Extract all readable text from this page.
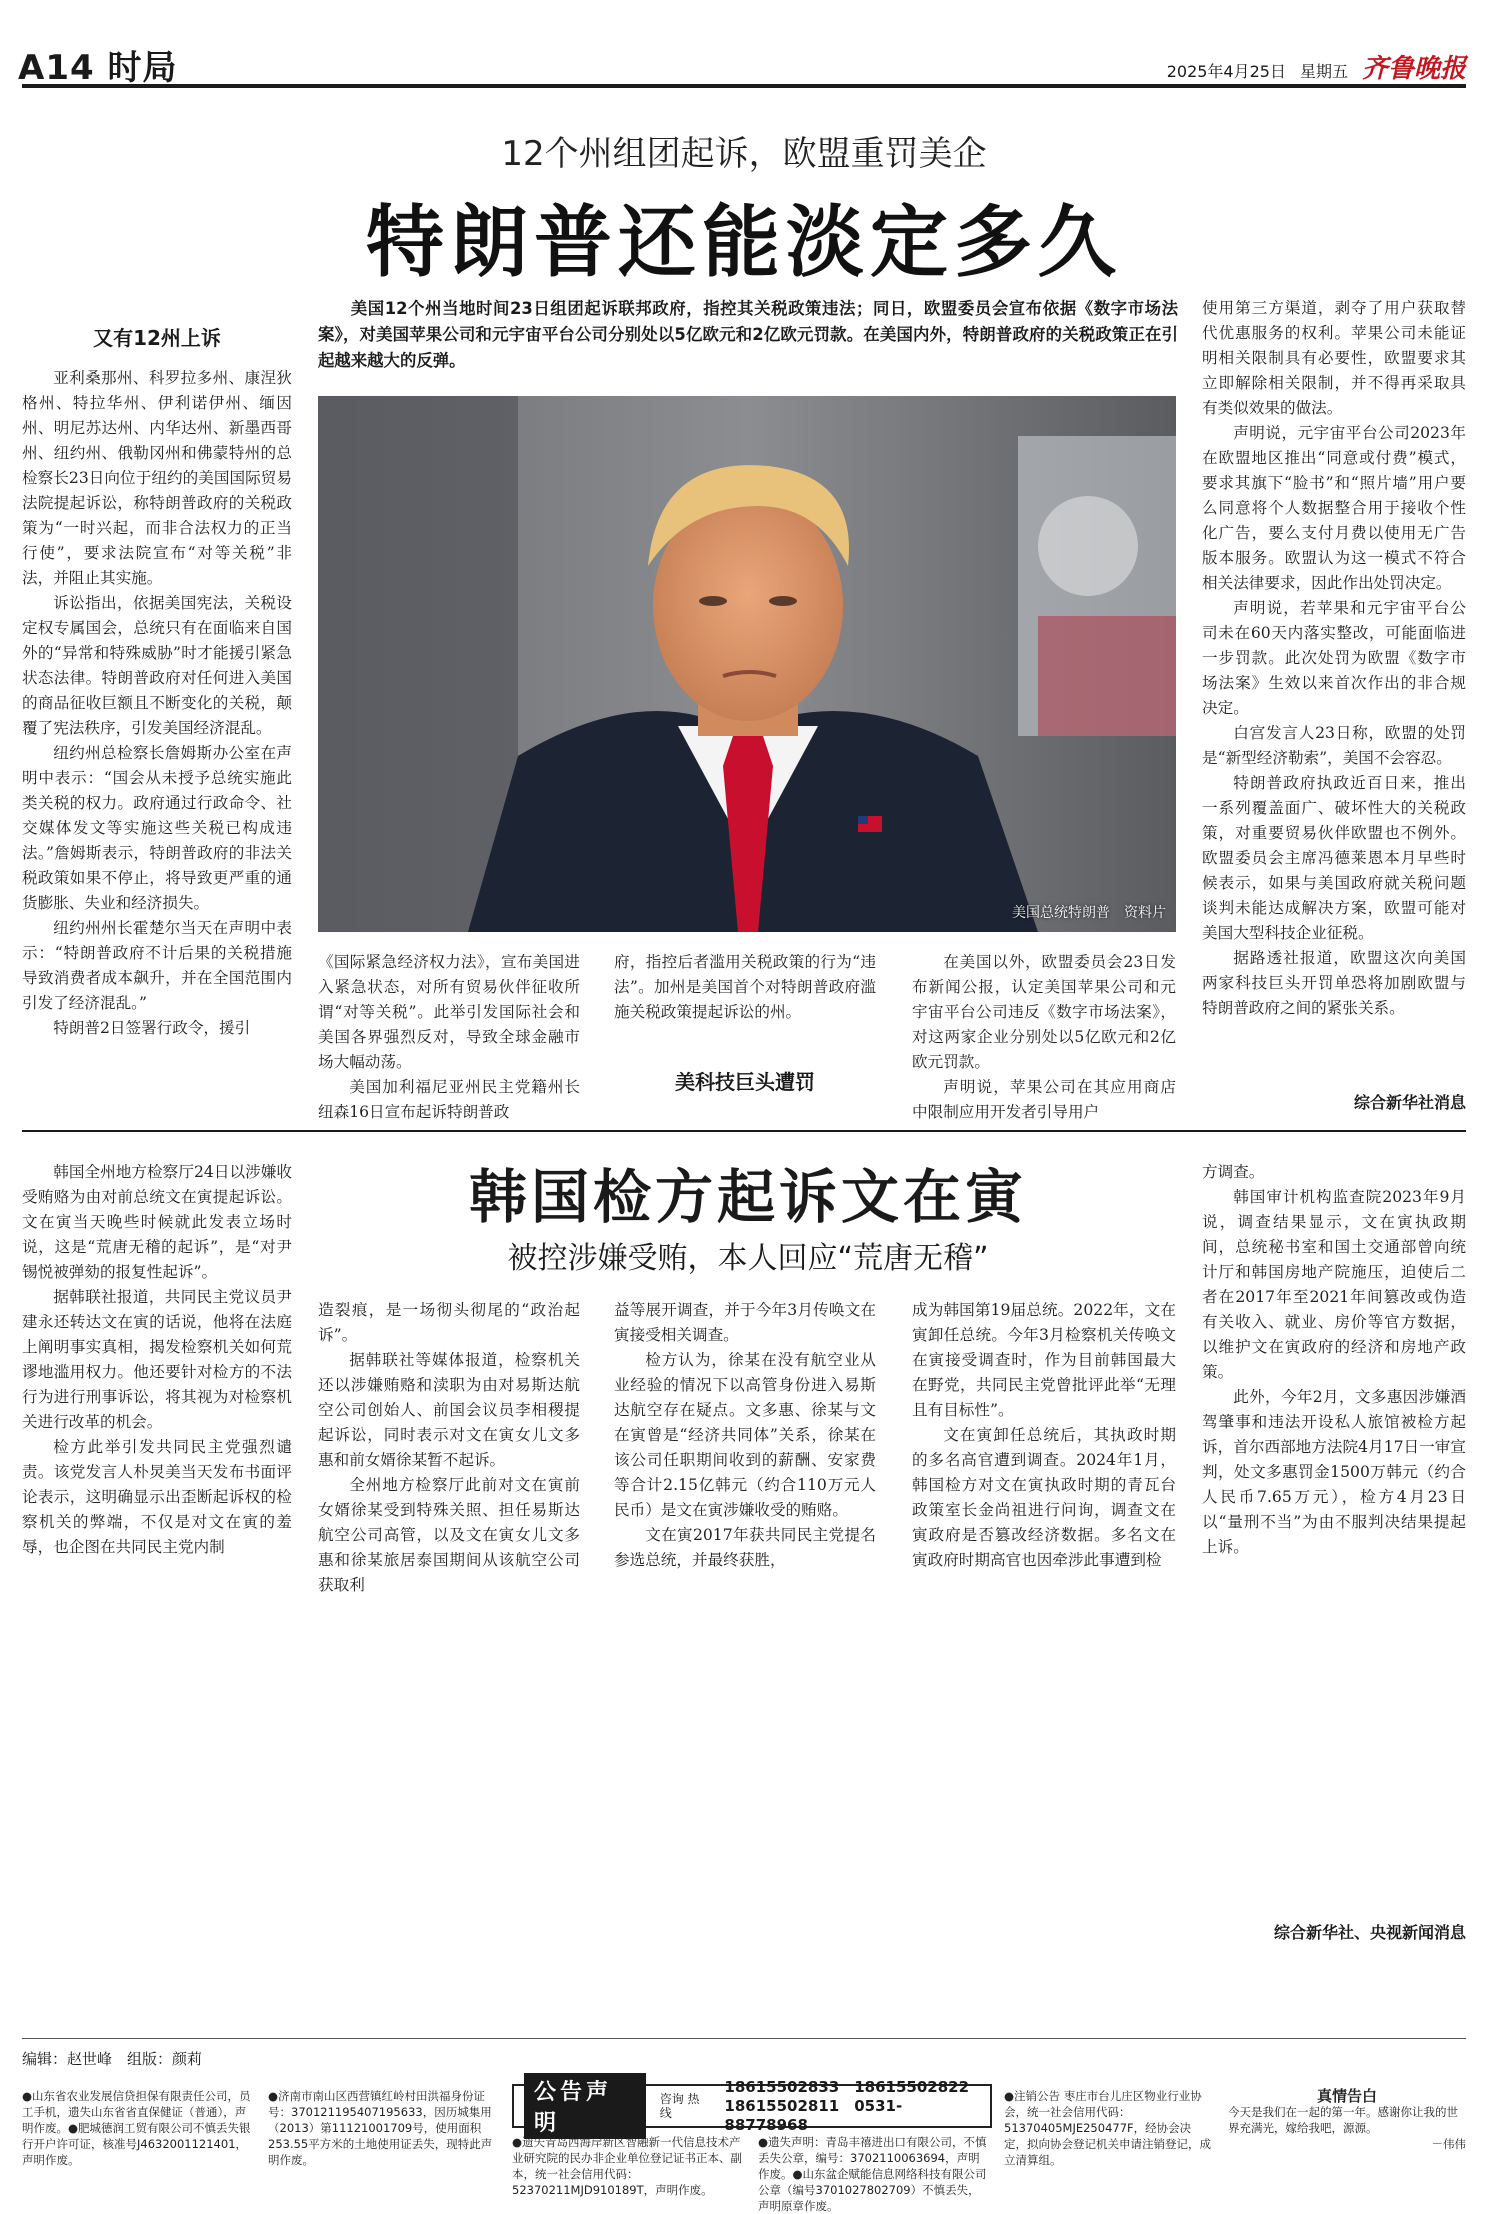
A14 时局	2025年4月25日 星期五 齐鲁晚报
12个州组团起诉，欧盟重罚美企
特朗普还能淡定多久
美国12个州当地时间23日组团起诉联邦政府，指控其关税政策违法；同日，欧盟委员会宣布依据《数字市场法案》，对美国苹果公司和元宇宙平台公司分别处以5亿欧元和2亿欧元罚款。在美国内外，特朗普政府的关税政策正在引起越来越大的反弹。
又有12州上诉

亚利桑那州、科罗拉多州、康涅狄格州、特拉华州、伊利诺伊州、缅因州、明尼苏达州、内华达州、新墨西哥州、纽约州、俄勒冈州和佛蒙特州的总检察长23日向位于纽约的美国国际贸易法院提起诉讼，称特朗普政府的关税政策为“一时兴起，而非合法权力的正当行使”，要求法院宣布“对等关税”非法，并阻止其实施。

诉讼指出，依据美国宪法，关税设定权专属国会，总统只有在面临来自国外的“异常和特殊威胁”时才能援引紧急状态法律。特朗普政府对任何进入美国的商品征收巨额且不断变化的关税，颠覆了宪法秩序，引发美国经济混乱。

纽约州总检察长詹姆斯办公室在声明中表示：“国会从未授予总统实施此类关税的权力。政府通过行政命令、社交媒体发文等实施这些关税已构成违法。”詹姆斯表示，特朗普政府的非法关税政策如果不停止，将导致更严重的通货膨胀、失业和经济损失。

纽约州州长霍楚尔当天在声明中表示：“特朗普政府不计后果的关税措施导致消费者成本飙升，并在全国范围内引发了经济混乱。”

特朗普2日签署行政令，援引

美国总统特朗普　资料片

《国际紧急经济权力法》，宣布美国进入紧急状态，对所有贸易伙伴征收所谓“对等关税”。此举引发国际社会和美国各界强烈反对，导致全球金融市场大幅动荡。

美国加利福尼亚州民主党籍州长纽森16日宣布起诉特朗普政

府，指控后者滥用关税政策的行为“违法”。加州是美国首个对特朗普政府滥施关税政策提起诉讼的州。

美科技巨头遭罚

在美国以外，欧盟委员会23日发布新闻公报，认定美国苹果公司和元宇宙平台公司违反《数字市场法案》，对这两家企业分别处以5亿欧元和2亿欧元罚款。

声明说，苹果公司在其应用商店中限制应用开发者引导用户

使用第三方渠道，剥夺了用户获取替代优惠服务的权利。苹果公司未能证明相关限制具有必要性，欧盟要求其立即解除相关限制，并不得再采取具有类似效果的做法。

声明说，元宇宙平台公司2023年在欧盟地区推出“同意或付费”模式，要求其旗下“脸书”和“照片墙”用户要么同意将个人数据整合用于接收个性化广告，要么支付月费以使用无广告版本服务。欧盟认为这一模式不符合相关法律要求，因此作出处罚决定。

声明说，若苹果和元宇宙平台公司未在60天内落实整改，可能面临进一步罚款。此次处罚为欧盟《数字市场法案》生效以来首次作出的非合规决定。

白宫发言人23日称，欧盟的处罚是“新型经济勒索”，美国不会容忍。

特朗普政府执政近百日来，推出一系列覆盖面广、破坏性大的关税政策，对重要贸易伙伴欧盟也不例外。欧盟委员会主席冯德莱恩本月早些时候表示，如果与美国政府就关税问题谈判未能达成解决方案，欧盟可能对美国大型科技企业征税。

据路透社报道，欧盟这次向美国两家科技巨头开罚单恐将加剧欧盟与特朗普政府之间的紧张关系。

综合新华社消息
韩国检方起诉文在寅
被控涉嫌受贿，本人回应“荒唐无稽”

韩国全州地方检察厅24日以涉嫌收受贿赂为由对前总统文在寅提起诉讼。文在寅当天晚些时候就此发表立场时说，这是“荒唐无稽的起诉”，是“对尹锡悦被弹劾的报复性起诉”。

据韩联社报道，共同民主党议员尹建永还转达文在寅的话说，他将在法庭上阐明事实真相，揭发检察机关如何荒谬地滥用权力。他还要针对检方的不法行为进行刑事诉讼，将其视为对检察机关进行改革的机会。

检方此举引发共同民主党强烈谴责。该党发言人朴炅美当天发布书面评论表示，这明确显示出歪断起诉权的检察机关的弊端，不仅是对文在寅的羞辱，也企图在共同民主党内制

造裂痕，是一场彻头彻尾的“政治起诉”。

据韩联社等媒体报道，检察机关还以涉嫌贿赂和渎职为由对易斯达航空公司创始人、前国会议员李相稷提起诉讼，同时表示对文在寅女儿文多惠和前女婿徐某暂不起诉。

全州地方检察厅此前对文在寅前女婿徐某受到特殊关照、担任易斯达航空公司高管，以及文在寅女儿文多惠和徐某旅居泰国期间从该航空公司获取利

益等展开调查，并于今年3月传唤文在寅接受相关调查。

检方认为，徐某在没有航空业从业经验的情况下以高管身份进入易斯达航空存在疑点。文多惠、徐某与文在寅曾是“经济共同体”关系，徐某在该公司任职期间收到的薪酬、安家费等合计2.15亿韩元（约合110万元人民币）是文在寅涉嫌收受的贿赂。

文在寅2017年获共同民主党提名参选总统，并最终获胜，

成为韩国第19届总统。2022年，文在寅卸任总统。今年3月检察机关传唤文在寅接受调查时，作为目前韩国最大在野党，共同民主党曾批评此举“无理且有目标性”。

文在寅卸任总统后，其执政时期的多名高官遭到调查。2024年1月，韩国检方对文在寅执政时期的青瓦台政策室长金尚祖进行问询，调查文在寅政府是否篡改经济数据。多名文在寅政府时期高官也因牵涉此事遭到检

方调查。

韩国审计机构监查院2023年9月说，调查结果显示，文在寅执政期间，总统秘书室和国土交通部曾向统计厅和韩国房地产院施压，迫使后二者在2017年至2021年间篡改或伪造有关收入、就业、房价等官方数据，以维护文在寅政府的经济和房地产政策。

此外，今年2月，文多惠因涉嫌酒驾肇事和违法开设私人旅馆被检方起诉，首尔西部地方法院4月17日一审宣判，处文多惠罚金1500万韩元（约合人民币7.65万元），检方4月23日以“量刑不当”为由不服判决结果提起上诉。

综合新华社、央视新闻消息
编辑：赵世峰　组版：颜莉
●山东省农业发展信贷担保有限责任公司，员工手机，遗失山东省省直保健证（普通），声明作废。●肥城德润工贸有限公司不慎丢失银行开户许可证，核准号J4632001121401，声明作废。
●济南市南山区西营镇红岭村田洪福身份证号：370121195407195633，因历城集用（2013）第11121001709号，使用面积253.55平方米的土地使用证丢失，现特此声明作废。
公告声明
咨询 热线
18615502833　 18615502822
18615502811　 0531-88778968
●遗失青岛西海岸新区智融新一代信息技术产业研究院的民办非企业单位登记证书正本、副本，统一社会信用代码：52370211MJD910189T，声明作废。
●遗失声明：青岛丰禧进出口有限公司，不慎丢失公章，编号：3702110063694，声明作废。●山东盆企赋能信息网络科技有限公司公章（编号3701027802709）不慎丢失，声明原章作废。
●注销公告 枣庄市台儿庄区物业行业协会，统一社会信用代码：51370405MJE250477F，经协会决定，拟向协会登记机关申请注销登记，成立清算组。
真情告白
今天是我们在一起的第一年。感谢你让我的世界充满光，嫁给我吧，源源。
－伟伟
